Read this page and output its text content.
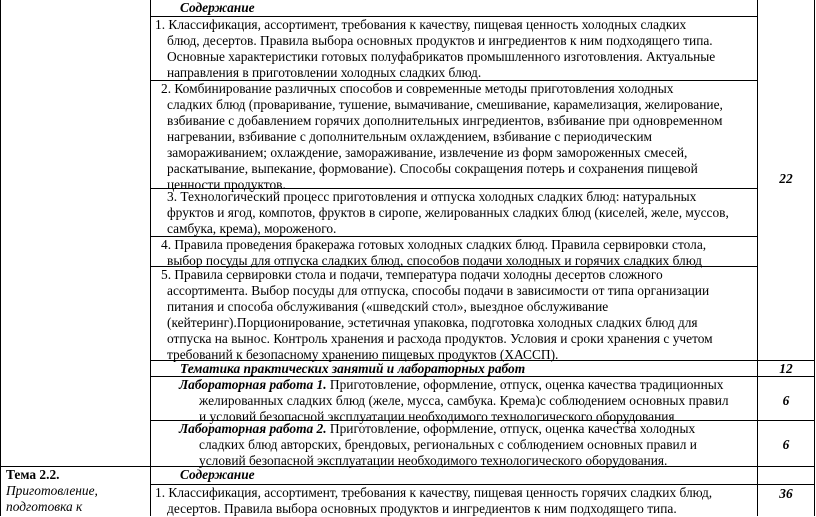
Тема 2.2.
Приготовление,
подготовка к
Содержание
1. Классификация, ассортимент, требования к качеству, пищевая ценность холодных сладких
блюд, десертов. Правила выбора основных продуктов и ингредиентов к ним подходящего типа.
Основные характеристики готовых полуфабрикатов промышленного изготовления. Актуальные
направления в приготовлении холодных сладких блюд.
2. Комбинирование различных способов и современные методы приготовления холодных
сладких блюд (проваривание, тушение, вымачивание, смешивание, карамелизация, желирование,
взбивание с добавлением горячих дополнительных ингредиентов, взбивание при одновременном
нагревании, взбивание с дополнительным охлаждением, взбивание с периодическим
замораживанием; охлаждение, замораживание, извлечение из форм замороженных смесей,
раскатывание, выпекание, формование). Способы сокращения потерь и сохранения пищевой
ценности продуктов.
3. Технологический процесс приготовления и отпуска холодных сладких блюд: натуральных
фруктов и ягод, компотов, фруктов в сиропе, желированных сладких блюд (киселей, желе, муссов,
самбука, крема), мороженого.
4. Правила проведения бракеража готовых холодных сладких блюд. Правила сервировки стола,
выбор посуды для отпуска сладких блюд, способов подачи холодных и горячих сладких блюд
5. Правила сервировки стола и подачи, температура подачи холодны десертов сложного
ассортимента. Выбор посуды для отпуска, способы подачи в зависимости от типа организации
питания и способа обслуживания («шведский стол», выездное обслуживание
(кейтеринг).Порционирование, эстетичная упаковка, подготовка холодных сладких блюд для
отпуска на вынос. Контроль хранения и расхода продуктов. Условия и сроки хранения с учетом
требований к безопасному хранению пищевых продуктов (ХАССП).
22
Тематика практических занятий и лабораторных работ	12
Лабораторная работа 1. Приготовление, оформление, отпуск, оценка качества традиционных
желированных сладких блюд (желе, мусса, самбука. Крема)с соблюдением основных правил
и условий безопасной эксплуатации необходимого технологического оборудования
6
Лабораторная работа 2. Приготовление, оформление, отпуск, оценка качества холодных
сладких блюд авторских, брендовых, региональных с соблюдением основных правил и
условий безопасной эксплуатации необходимого технологического оборудования.
6
Содержание
1. Классификация, ассортимент, требования к качеству, пищевая ценность горячих сладких блюд,
десертов. Правила выбора основных продуктов и ингредиентов к ним подходящего типа.
36
